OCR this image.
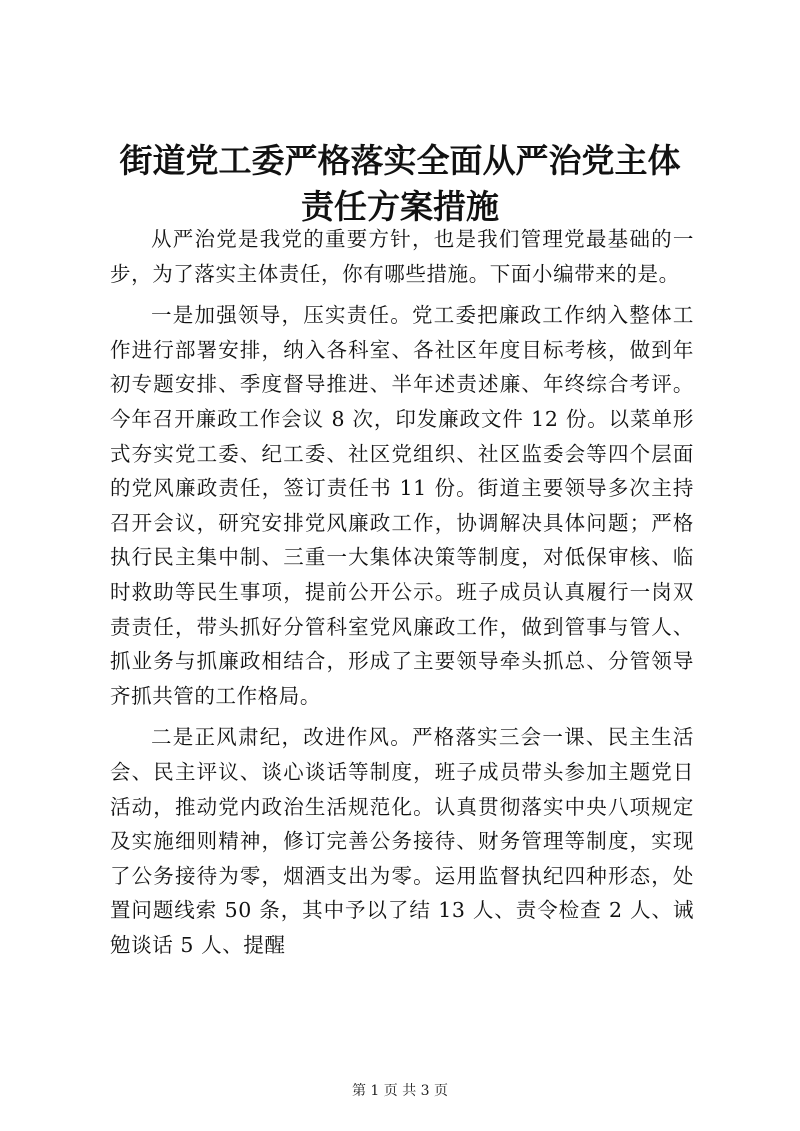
街道党工委严格落实全面从严治党主体责任方案措施

从严治党是我党的重要方针，也是我们管理党最基础的一步，为了落实主体责任，你有哪些措施。下面小编带来的是。

一是加强领导，压实责任。党工委把廉政工作纳入整体工作进行部署安排，纳入各科室、各社区年度目标考核，做到年初专题安排、季度督导推进、半年述责述廉、年终综合考评。今年召开廉政工作会议 8 次，印发廉政文件 12 份。以菜单形式夯实党工委、纪工委、社区党组织、社区监委会等四个层面的党风廉政责任，签订责任书 11 份。街道主要领导多次主持召开会议，研究安排党风廉政工作，协调解决具体问题；严格执行民主集中制、三重一大集体决策等制度，对低保审核、临时救助等民生事项，提前公开公示。班子成员认真履行一岗双责责任，带头抓好分管科室党风廉政工作，做到管事与管人、抓业务与抓廉政相结合，形成了主要领导牵头抓总、分管领导齐抓共管的工作格局。

二是正风肃纪，改进作风。严格落实三会一课、民主生活会、民主评议、谈心谈话等制度，班子成员带头参加主题党日活动，推动党内政治生活规范化。认真贯彻落实中央八项规定及实施细则精神，修订完善公务接待、财务管理等制度，实现了公务接待为零，烟酒支出为零。运用监督执纪四种形态，处置问题线索 50 条，其中予以了结 13 人、责令检查 2 人、诫勉谈话 5 人、提醒

第 1 页 共 3 页
